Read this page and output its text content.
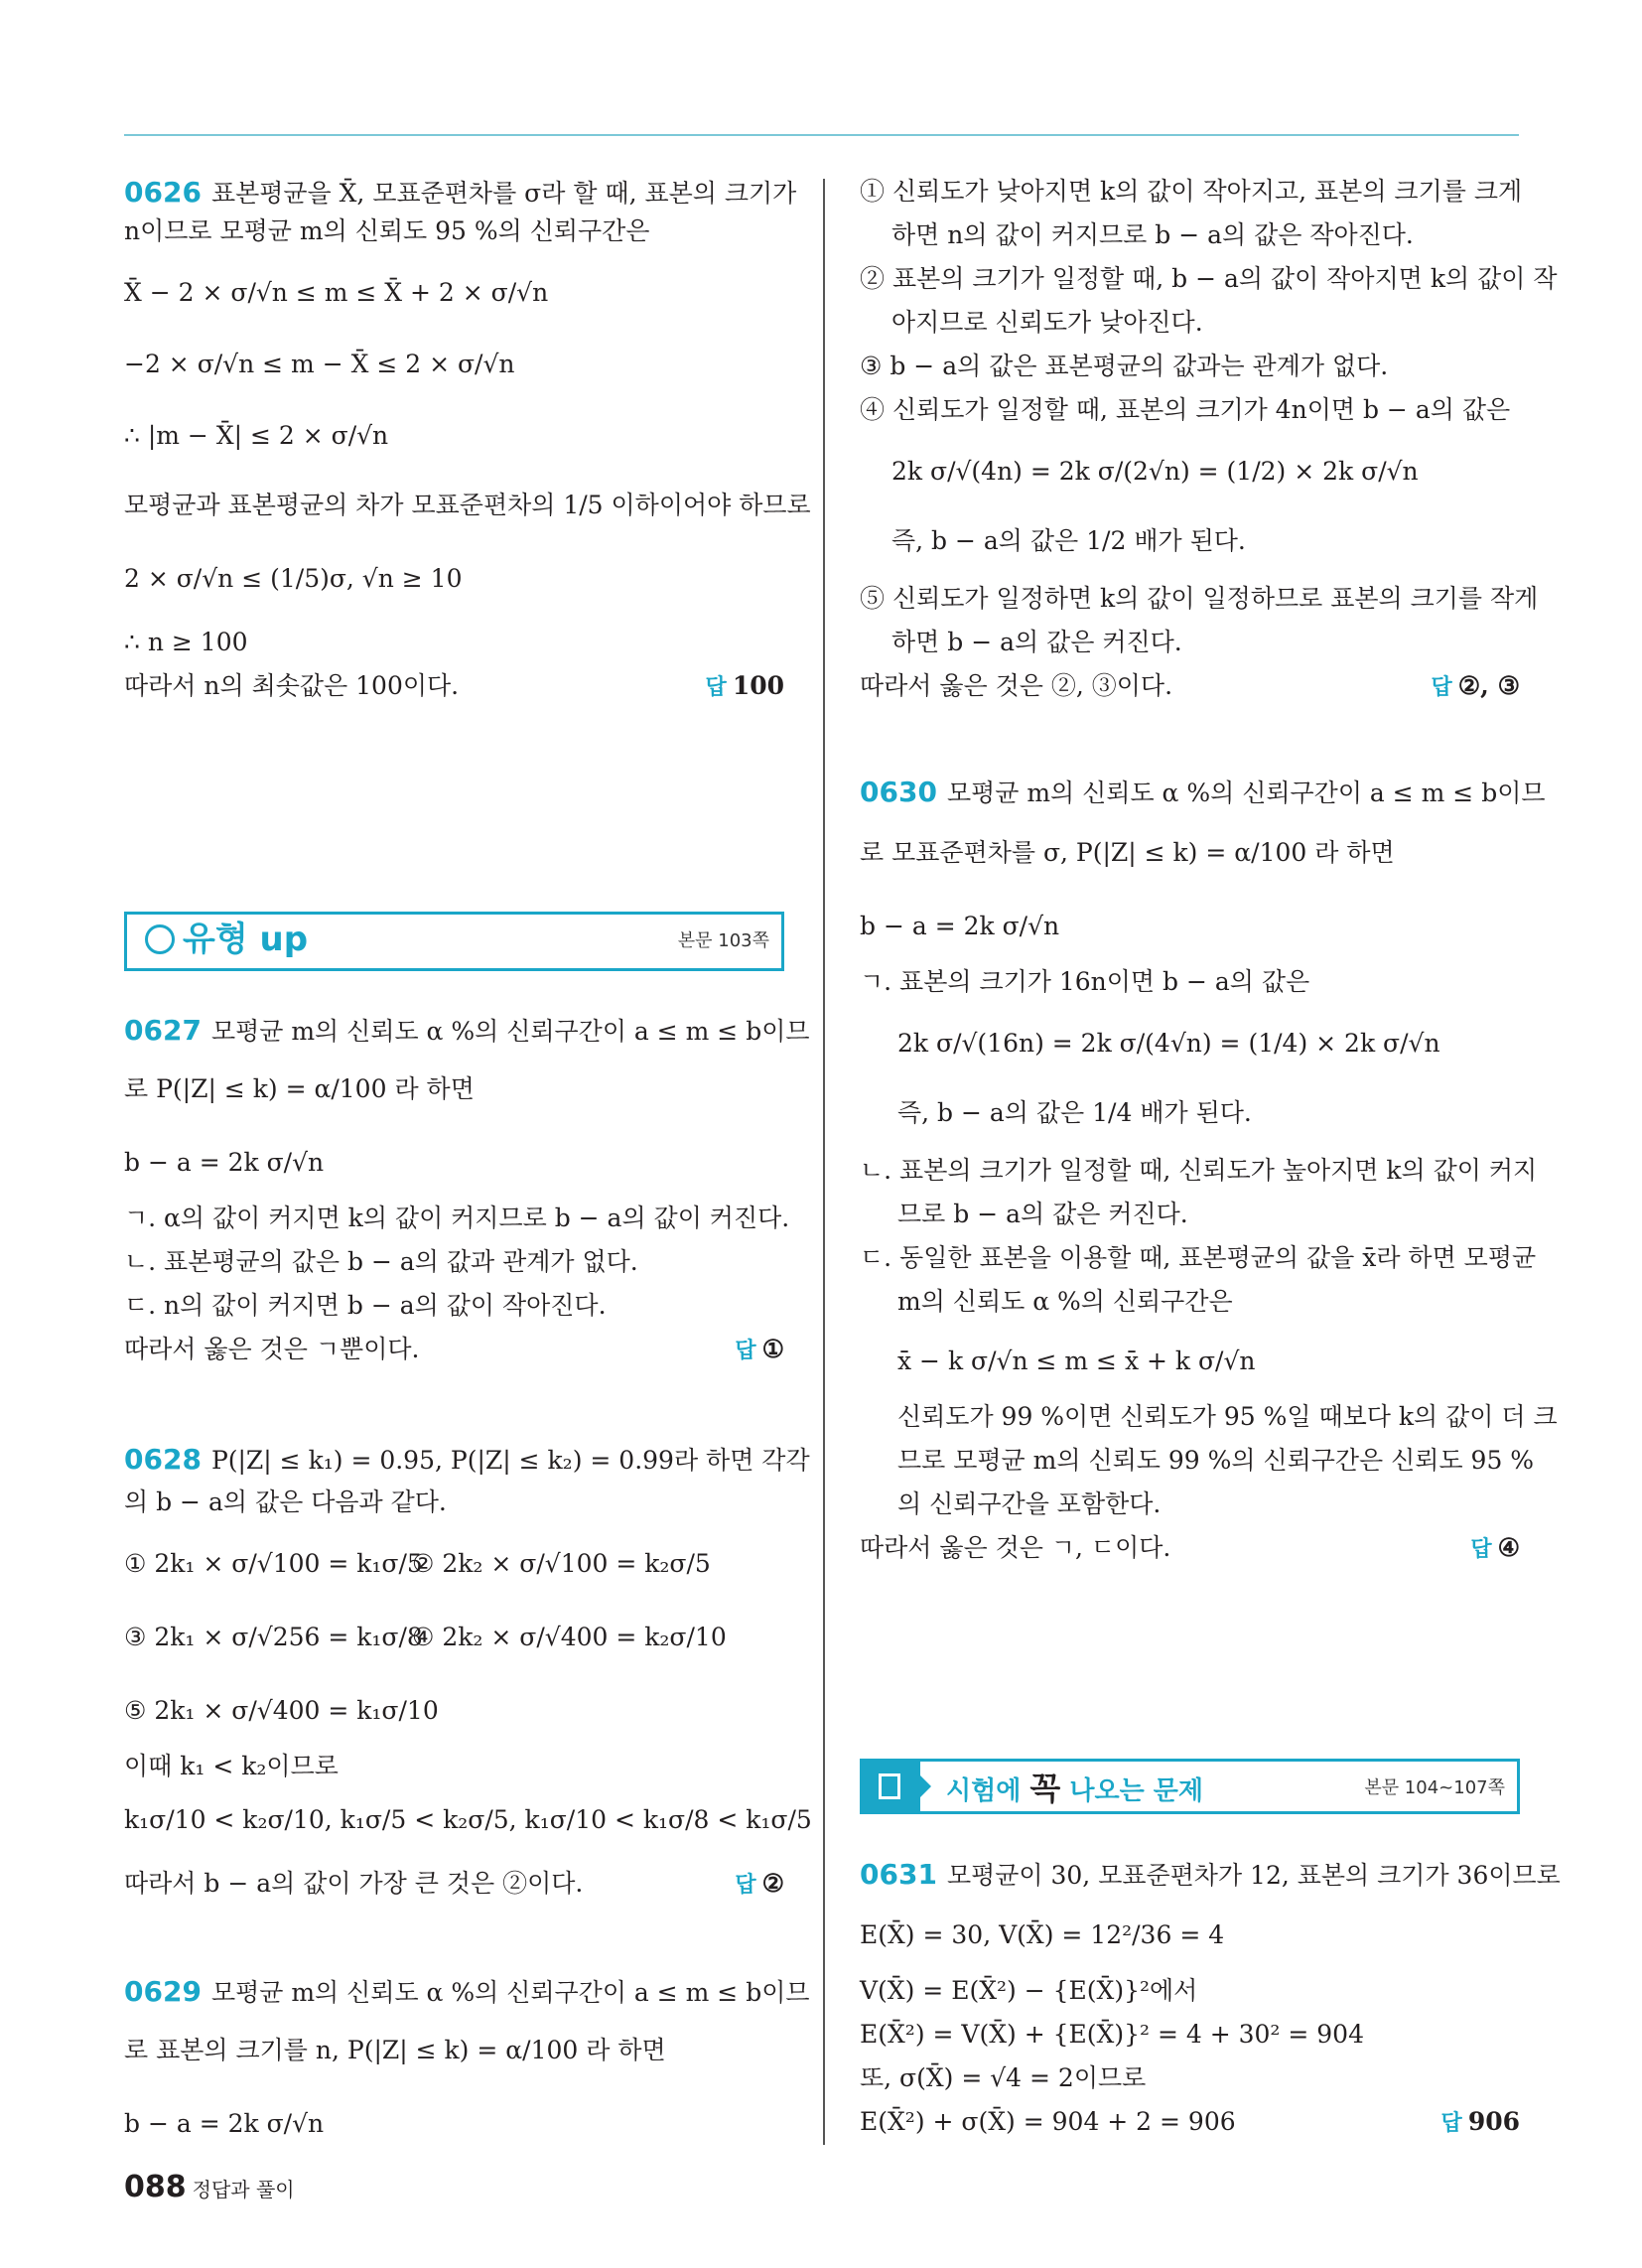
0626 표본평균을 X̄, 모표준편차를 σ라 할 때, 표본의 크기가
n이므로 모평균 m의 신뢰도 95 %의 신뢰구간은
X̄ − 2 × σ/√n ≤ m ≤ X̄ + 2 × σ/√n
−2 × σ/√n ≤ m − X̄ ≤ 2 × σ/√n
∴ |m − X̄| ≤ 2 × σ/√n
모평균과 표본평균의 차가 모표준편차의 1/5 이하이어야 하므로
2 × σ/√n ≤ (1/5)σ, √n ≥ 10
∴ n ≥ 100
따라서 n의 최솟값은 100이다.	답 100
유형 up	본문 103쪽
0627 모평균 m의 신뢰도 α %의 신뢰구간이 a ≤ m ≤ b이므
로 P(|Z| ≤ k) = α/100 라 하면
b − a = 2k σ/√n
ㄱ. α의 값이 커지면 k의 값이 커지므로 b − a의 값이 커진다.
ㄴ. 표본평균의 값은 b − a의 값과 관계가 없다.
ㄷ. n의 값이 커지면 b − a의 값이 작아진다.
따라서 옳은 것은 ㄱ뿐이다.	답 ①
0628 P(|Z| ≤ k₁) = 0.95, P(|Z| ≤ k₂) = 0.99라 하면 각각
의 b − a의 값은 다음과 같다.
① 2k₁ × σ/√100 = k₁σ/5
② 2k₂ × σ/√100 = k₂σ/5
③ 2k₁ × σ/√256 = k₁σ/8
④ 2k₂ × σ/√400 = k₂σ/10
⑤ 2k₁ × σ/√400 = k₁σ/10
이때 k₁ < k₂이므로
k₁σ/10 < k₂σ/10, k₁σ/5 < k₂σ/5, k₁σ/10 < k₁σ/8 < k₁σ/5
따라서 b − a의 값이 가장 큰 것은 ②이다.	답 ②
0629 모평균 m의 신뢰도 α %의 신뢰구간이 a ≤ m ≤ b이므
로 표본의 크기를 n, P(|Z| ≤ k) = α/100 라 하면
b − a = 2k σ/√n
① 신뢰도가 낮아지면 k의 값이 작아지고, 표본의 크기를 크게
하면 n의 값이 커지므로 b − a의 값은 작아진다.
② 표본의 크기가 일정할 때, b − a의 값이 작아지면 k의 값이 작
아지므로 신뢰도가 낮아진다.
③ b − a의 값은 표본평균의 값과는 관계가 없다.
④ 신뢰도가 일정할 때, 표본의 크기가 4n이면 b − a의 값은
2k σ/√(4n) = 2k σ/(2√n) = (1/2) × 2k σ/√n
즉, b − a의 값은 1/2 배가 된다.
⑤ 신뢰도가 일정하면 k의 값이 일정하므로 표본의 크기를 작게
하면 b − a의 값은 커진다.
따라서 옳은 것은 ②, ③이다.	답 ②, ③
0630 모평균 m의 신뢰도 α %의 신뢰구간이 a ≤ m ≤ b이므
로 모표준편차를 σ, P(|Z| ≤ k) = α/100 라 하면
b − a = 2k σ/√n
ㄱ. 표본의 크기가 16n이면 b − a의 값은
2k σ/√(16n) = 2k σ/(4√n) = (1/4) × 2k σ/√n
즉, b − a의 값은 1/4 배가 된다.
ㄴ. 표본의 크기가 일정할 때, 신뢰도가 높아지면 k의 값이 커지
므로 b − a의 값은 커진다.
ㄷ. 동일한 표본을 이용할 때, 표본평균의 값을 x̄라 하면 모평균
m의 신뢰도 α %의 신뢰구간은
x̄ − k σ/√n ≤ m ≤ x̄ + k σ/√n
신뢰도가 99 %이면 신뢰도가 95 %일 때보다 k의 값이 더 크
므로 모평균 m의 신뢰도 99 %의 신뢰구간은 신뢰도 95 %
의 신뢰구간을 포함한다.
따라서 옳은 것은 ㄱ, ㄷ이다.	답 ④
시험에 꼭 나오는 문제	본문 104~107쪽
0631 모평균이 30, 모표준편차가 12, 표본의 크기가 36이므로
E(X̄) = 30, V(X̄) = 12²/36 = 4
V(X̄) = E(X̄²) − {E(X̄)}²에서
E(X̄²) = V(X̄) + {E(X̄)}² = 4 + 30² = 904
또, σ(X̄) = √4 = 2이므로
E(X̄²) + σ(X̄) = 904 + 2 = 906	답 906
088 정답과 풀이
